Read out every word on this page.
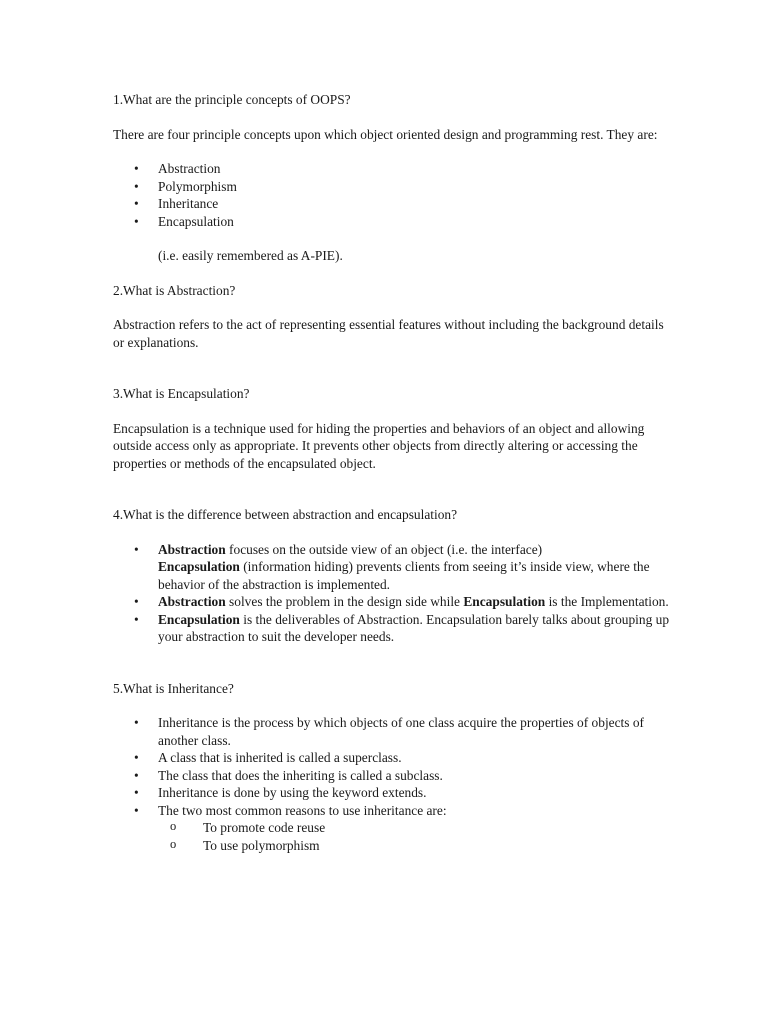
1.What are the principle concepts of OOPS?

There are four principle concepts upon which object oriented design and programming rest. They are:

• Abstraction
• Polymorphism
• Inheritance
• Encapsulation

(i.e. easily remembered as A-PIE).

2.What is Abstraction?

Abstraction refers to the act of representing essential features without including the background details or explanations.

3.What is Encapsulation?

Encapsulation is a technique used for hiding the properties and behaviors of an object and allowing outside access only as appropriate. It prevents other objects from directly altering or accessing the properties or methods of the encapsulated object.

4.What is the difference between abstraction and encapsulation?

• Abstraction focuses on the outside view of an object (i.e. the interface)
Encapsulation (information hiding) prevents clients from seeing it’s inside view, where the behavior of the abstraction is implemented.
• Abstraction solves the problem in the design side while Encapsulation is the Implementation.
• Encapsulation is the deliverables of Abstraction. Encapsulation barely talks about grouping up your abstraction to suit the developer needs.

5.What is Inheritance?

• Inheritance is the process by which objects of one class acquire the properties of objects of another class.
• A class that is inherited is called a superclass.
• The class that does the inheriting is called a subclass.
• Inheritance is done by using the keyword extends.
• The two most common reasons to use inheritance are:
o To promote code reuse
o To use polymorphism
